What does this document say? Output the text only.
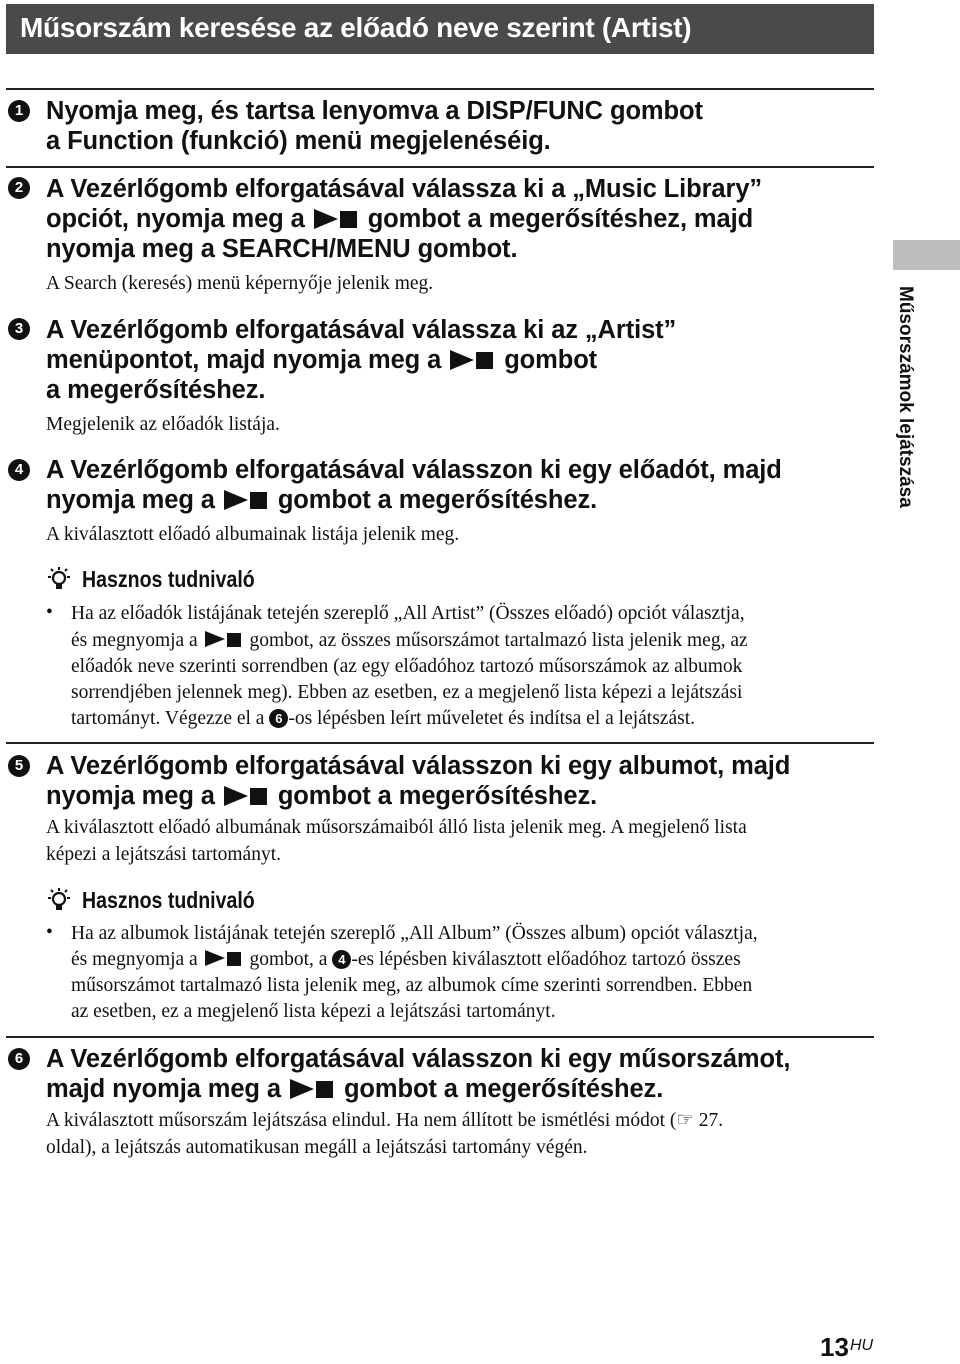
Műsorszám keresése az előadó neve szerint (Artist)
Műsorszámok lejátszása
1 Nyomja meg, és tartsa lenyomva a DISP/FUNC gombot
a Function (funkció) menü megjelenéséig.
2 A Vezérlőgomb elforgatásával válassza ki a „Music Library”
opciót, nyomja meg a  gombot a megerősítéshez, majd
nyomja meg a SEARCH/MENU gombot.
A Search (keresés) menü képernyője jelenik meg.
3 A Vezérlőgomb elforgatásával válassza ki az „Artist”
menüpontot, majd nyomja meg a  gombot
a megerősítéshez.
Megjelenik az előadók listája.
4 A Vezérlőgomb elforgatásával válasszon ki egy előadót, majd
nyomja meg a  gombot a megerősítéshez.
A kiválasztott előadó albumainak listája jelenik meg.
Hasznos tudnivaló
• Ha az előadók listájának tetején szereplő „All Artist” (Összes előadó) opciót választja,
és megnyomja a  gombot, az összes műsorszámot tartalmazó lista jelenik meg, az
előadók neve szerinti sorrendben (az egy előadóhoz tartozó műsorszámok az albumok
sorrendjében jelennek meg). Ebben az esetben, ez a megjelenő lista képezi a lejátszási
tartományt. Végezze el a 6 -os lépésben leírt műveletet és indítsa el a lejátszást.
5 A Vezérlőgomb elforgatásával válasszon ki egy albumot, majd
nyomja meg a  gombot a megerősítéshez.
A kiválasztott előadó albumának műsorszámaiból álló lista jelenik meg. A megjelenő lista
képezi a lejátszási tartományt.
Hasznos tudnivaló
• Ha az albumok listájának tetején szereplő „All Album” (Összes album) opciót választja,
és megnyomja a  gombot, a 4 -es lépésben kiválasztott előadóhoz tartozó összes
műsorszámot tartalmazó lista jelenik meg, az albumok címe szerinti sorrendben. Ebben
az esetben, ez a megjelenő lista képezi a lejátszási tartományt.
6 A Vezérlőgomb elforgatásával válasszon ki egy műsorszámot,
majd nyomja meg a  gombot a megerősítéshez.
A kiválasztott műsorszám lejátszása elindul. Ha nem állított be ismétlési módot (☞ 27.
oldal), a lejátszás automatikusan megáll a lejátszási tartomány végén.
13 HU
